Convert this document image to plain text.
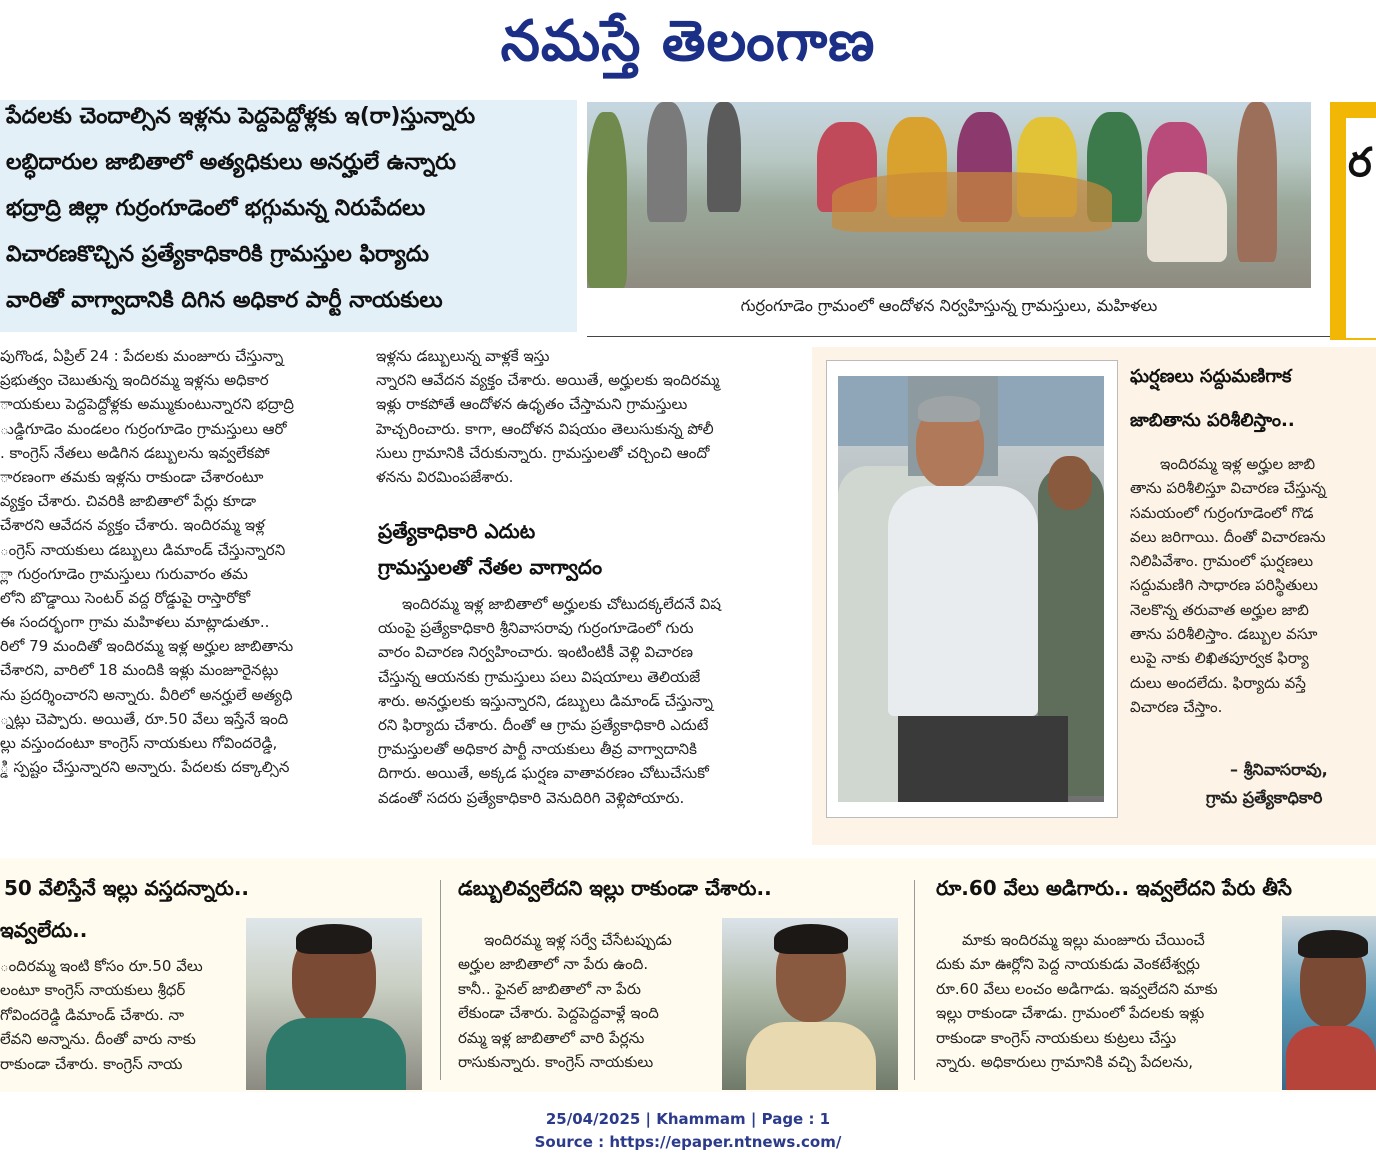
నమస్తే తెలంగాణ
పేదలకు చెందాల్సిన ఇళ్లను పెద్దపెద్దోళ్లకు ఇ(రా)స్తున్నారు
లబ్ధిదారుల జాబితాలో అత్యధికులు అనర్హులే ఉన్నారు
భద్రాద్రి జిల్లా గుర్రంగూడెంలో భగ్గుమన్న నిరుపేదలు
విచారణకొచ్చిన ప్రత్యేకాధికారికి గ్రామస్తుల ఫిర్యాదు
వారితో వాగ్వాదానికి దిగిన అధికార పార్టీ నాయకులు	గుర్రంగూడెం గ్రామంలో ఆందోళన నిర్వహిస్తున్న గ్రామస్తులు, మహిళలు
ర
పుగొండ, ఏప్రిల్ 24 : పేదలకు మంజూరు చేస్తున్నా
ప్రభుత్వం చెబుతున్న ఇందిరమ్మ ఇళ్లను అధికార
ాయకులు పెద్దపెద్దోళ్లకు అమ్ముకుంటున్నారని భద్రాద్రి
ుడ్డిగూడెం మండలం గుర్రంగూడెం గ్రామస్తులు ఆరో
. కాంగ్రెస్ నేతలు అడిగిన డబ్బులను ఇవ్వలేకపో
ారణంగా తమకు ఇళ్లను రాకుండా చేశారంటూ
వ్యక్తం చేశారు. చివరికి జాబితాలో పేర్లు కూడా
చేశారని ఆవేదన వ్యక్తం చేశారు. ఇందిరమ్మ ఇళ్ల
ంగ్రెస్ నాయకులు డబ్బులు డిమాండ్ చేస్తున్నారని
్లా గుర్రంగూడెం గ్రామస్తులు గురువారం తమ
లోని బొడ్డాయి సెంటర్ వద్ద రోడ్డుపై రాస్తారోకో
ఈ సందర్భంగా గ్రామ మహిళలు మాట్లాడుతూ..
రిలో 79 మందితో ఇందిరమ్మ ఇళ్ల అర్హుల జాబితాను
చేశారని, వారిలో 18 మందికి ఇళ్లు మంజూరైనట్లు
ను ప్రదర్శించారని అన్నారు. వీరిలో అనర్హులే అత్యధి
్నట్లు చెప్పారు. అయితే, రూ.50 వేలు ఇస్తేనే ఇంది
ల్లు వస్తుందంటూ కాంగ్రెస్ నాయకులు గోవిందరెడ్డి,
్డి స్పష్టం చేస్తున్నారని అన్నారు. పేదలకు దక్కాల్సిన
ఇళ్లను డబ్బులున్న వాళ్లకే ఇస్తు
న్నారని ఆవేదన వ్యక్తం చేశారు. అయితే, అర్హులకు ఇందిరమ్మ
ఇళ్లు రాకపోతే ఆందోళన ఉధృతం చేస్తామని గ్రామస్తులు
హెచ్చరించారు. కాగా, ఆందోళన విషయం తెలుసుకున్న పోలీ
సులు గ్రామానికి చేరుకున్నారు. గ్రామస్తులతో చర్చించి ఆందో
ళనను విరమింపజేశారు.
ప్రత్యేకాధికారి ఎదుట
గ్రామస్తులతో నేతల వాగ్వాదం
ఇందిరమ్మ ఇళ్ల జాబితాలో అర్హులకు చోటుదక్కలేదనే విష
యంపై ప్రత్యేకాధికారి శ్రీనివాసరావు గుర్రంగూడెంలో గురు
వారం విచారణ నిర్వహించారు. ఇంటింటికీ వెళ్లి విచారణ
చేస్తున్న ఆయనకు గ్రామస్తులు పలు విషయాలు తెలియజే
శారు. అనర్హులకు ఇస్తున్నారని, డబ్బులు డిమాండ్ చేస్తున్నా
రని ఫిర్యాదు చేశారు. దీంతో ఆ గ్రామ ప్రత్యేకాధికారి ఎదుటే
గ్రామస్తులతో అధికార పార్టీ నాయకులు తీవ్ర వాగ్వాదానికి
దిగారు. అయితే, అక్కడ ఘర్షణ వాతావరణం చోటుచేసుకో
వడంతో సదరు ప్రత్యేకాధికారి వెనుదిరిగి వెళ్లిపోయారు.
ఘర్షణలు సద్దుమణిగాక
జాబితాను పరిశీలిస్తాం..
ఇందిరమ్మ ఇళ్ల అర్హుల జాబి
తాను పరిశీలిస్తూ విచారణ చేస్తున్న
సమయంలో గుర్రంగూడెంలో గొడ
వలు జరిగాయి. దీంతో విచారణను
నిలిపివేశాం. గ్రామంలో ఘర్షణలు
సద్దుమణిగి సాధారణ పరిస్థితులు
నెలకొన్న తరువాత అర్హుల జాబి
తాను పరిశీలిస్తాం. డబ్బుల వసూ
లుపై నాకు లిఖితపూర్వక ఫిర్యా
దులు అందలేదు. ఫిర్యాదు వస్తే
విచారణ చేస్తాం.
– శ్రీనివాసరావు,
గ్రామ ప్రత్యేకాధికారి
50 వేలిస్తేనే ఇల్లు వస్తదన్నారు..
ఇవ్వలేదు..
ందిరమ్మ ఇంటి కోసం రూ.50 వేలు
లంటూ కాంగ్రెస్ నాయకులు శ్రీధర్
గోవిందరెడ్డి డిమాండ్ చేశారు. నా
లేవని అన్నాను. దీంతో వారు నాకు
రాకుండా చేశారు. కాంగ్రెస్ నాయ
డబ్బులివ్వలేదని ఇల్లు రాకుండా చేశారు..
ఇందిరమ్మ ఇళ్ల సర్వే చేసేటప్పుడు
అర్హుల జాబితాలో నా పేరు ఉంది.
కానీ.. ఫైనల్ జాబితాలో నా పేరు
లేకుండా చేశారు. పెద్దపెద్దవాళ్లే ఇంది
రమ్మ ఇళ్ల జాబితాలో వారి పేర్లను
రాసుకున్నారు. కాంగ్రెస్ నాయకులు
రూ.60 వేలు అడిగారు.. ఇవ్వలేదని పేరు తీసే
మాకు ఇందిరమ్మ ఇల్లు మంజూరు చేయించే
దుకు మా ఊర్లోని పెద్ద నాయకుడు వెంకటేశ్వర్లు
రూ.60 వేలు లంచం అడిగాడు. ఇవ్వలేదని మాకు
ఇల్లు రాకుండా చేశాడు. గ్రామంలో పేదలకు ఇళ్లు
రాకుండా కాంగ్రెస్ నాయకులు కుట్రలు చేస్తు
న్నారు. అధికారులు గ్రామానికి వచ్చి పేదలను,
25/04/2025 | Khammam | Page : 1
Source : https://epaper.ntnews.com/
